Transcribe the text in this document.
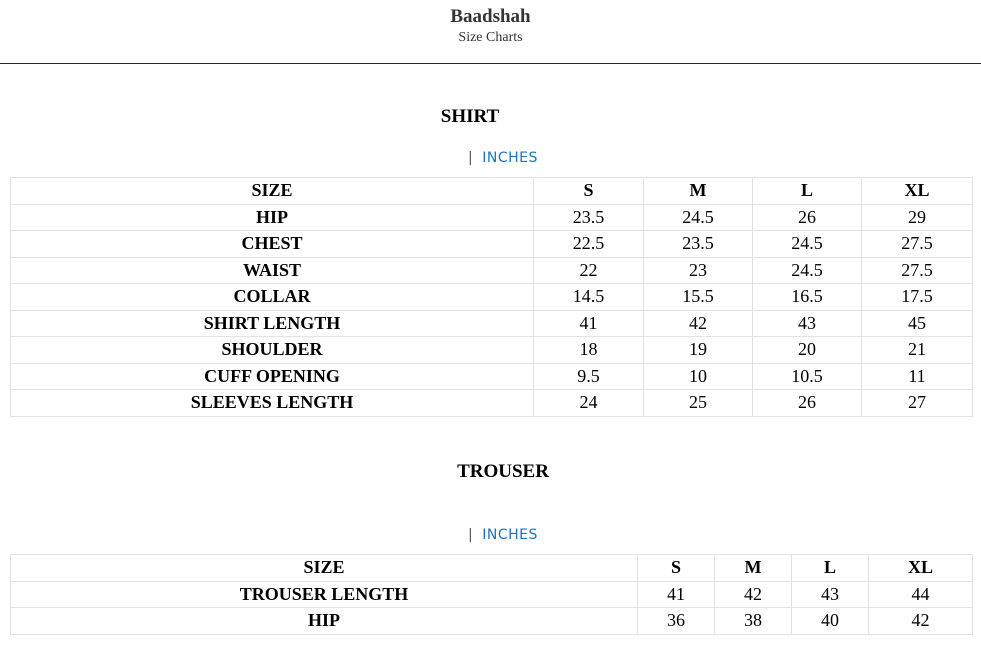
Baadshah
Size Charts
SHIRT
| INCHES
SIZE	S	M	L	XL
HIP	23.5	24.5	26	29
CHEST	22.5	23.5	24.5	27.5
WAIST	22	23	24.5	27.5
COLLAR	14.5	15.5	16.5	17.5
SHIRT LENGTH	41	42	43	45
SHOULDER	18	19	20	21
CUFF OPENING	9.5	10	10.5	11
SLEEVES LENGTH	24	25	26	27
TROUSER
| INCHES
SIZE	S	M	L	XL
TROUSER LENGTH	41	42	43	44
HIP	36	38	40	42
